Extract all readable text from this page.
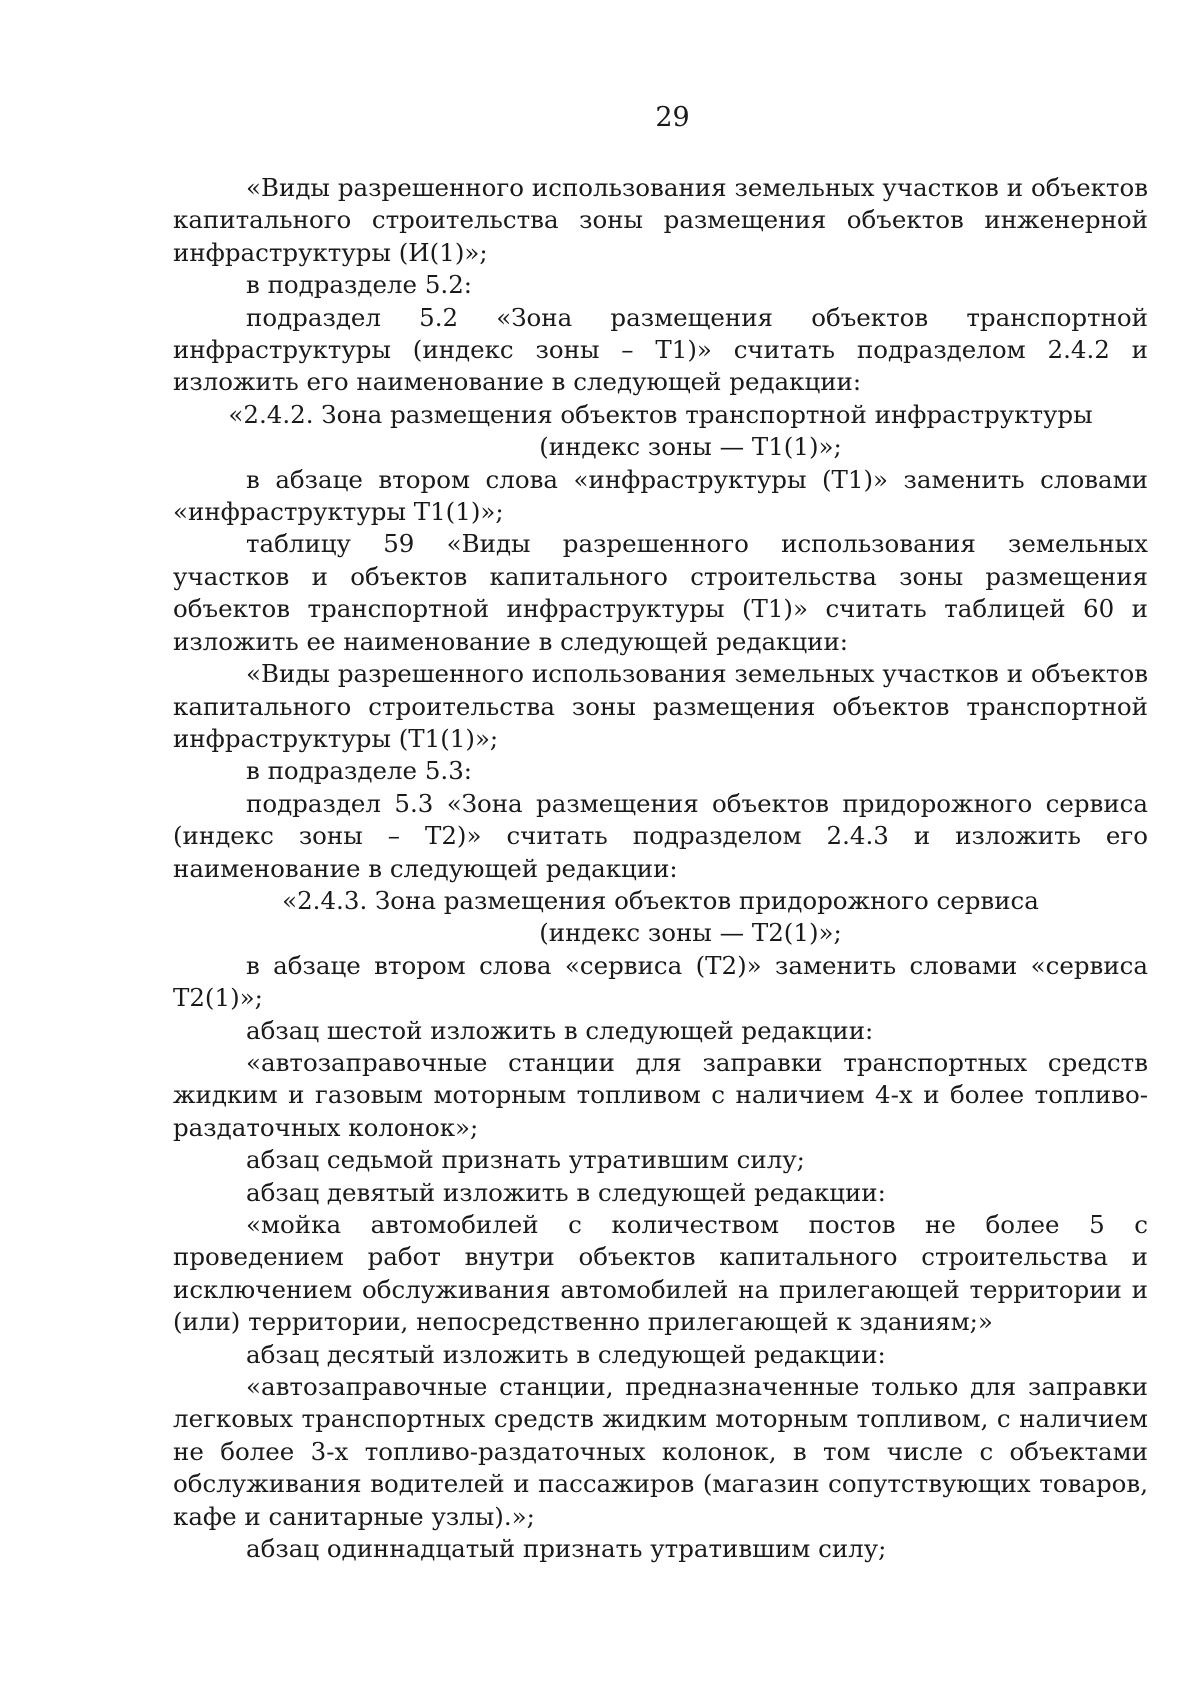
29

«Виды разрешенного использования земельных участков и объектов капитального строительства зоны размещения объектов инженерной инфраструктуры (И(1)»;

в подразделе 5.2:

подраздел 5.2 «Зона размещения объектов транспортной инфраструктуры (индекс зоны – Т1)» считать подразделом 2.4.2 и изложить его наименование в следующей редакции:

«2.4.2. Зона размещения объектов транспортной инфраструктуры

(индекс зоны — Т1(1)»;

в абзаце втором слова «инфраструктуры (Т1)» заменить словами «инфраструктуры Т1(1)»;

таблицу 59 «Виды разрешенного использования земельных участков и объектов капитального строительства зоны размещения объектов транспортной инфраструктуры (Т1)» считать таблицей 60 и изложить ее наименование в следующей редакции:

«Виды разрешенного использования земельных участков и объектов капитального строительства зоны размещения объектов транспортной инфраструктуры (Т1(1)»;

в подразделе 5.3:

подраздел 5.3 «Зона размещения объектов придорожного сервиса (индекс зоны – Т2)» считать подразделом 2.4.3 и изложить его наименование в следующей редакции:

«2.4.3. Зона размещения объектов придорожного сервиса

(индекс зоны — Т2(1)»;

в абзаце втором слова «сервиса (Т2)» заменить словами «сервиса Т2(1)»;

абзац шестой изложить в следующей редакции:

«автозаправочные станции для заправки транспортных средств жидким и газовым моторным топливом с наличием 4-х и более топливо-раздаточных колонок»;

абзац седьмой признать утратившим силу;

абзац девятый изложить в следующей редакции:

«мойка автомобилей с количеством постов не более 5 с проведением работ внутри объектов капитального строительства и исключением обслуживания автомобилей на прилегающей территории и (или) территории, непосредственно прилегающей к зданиям;»

абзац десятый изложить в следующей редакции:

«автозаправочные станции, предназначенные только для заправки легковых транспортных средств жидким моторным топливом, с наличием не более 3-х топливо-раздаточных колонок, в том числе с объектами обслуживания водителей и пассажиров (магазин сопутствующих товаров, кафе и санитарные узлы).»;

абзац одиннадцатый признать утратившим силу;
